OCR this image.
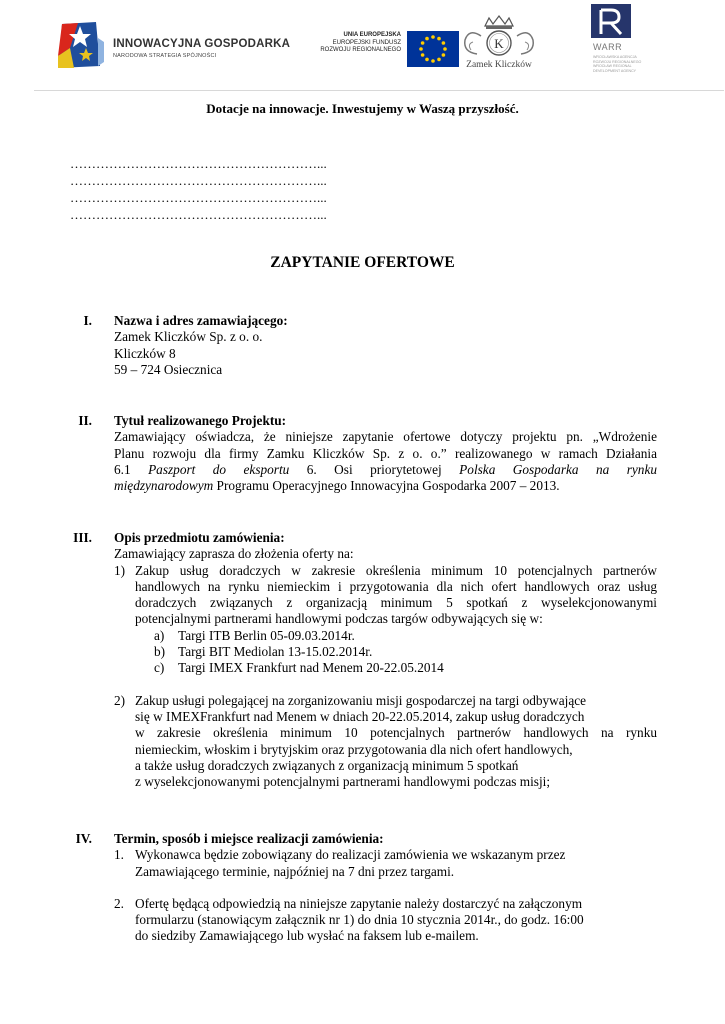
INNOWACYJNA GOSPODARKA
NARODOWA STRATEGIA SPÓJNOŚCI
UNIA EUROPEJSKA
EUROPEJSKI FUNDUSZ
ROZWOJU REGIONALNEGO	K
Zamek Kliczków
WARR
WROCŁAWSKA AGENCJA ROZWOJU REGIONALNEGO WROCŁAW REGIONAL DEVELOPMENT AGENCY
Dotacje na innowacje. Inwestujemy w Waszą przyszłość.
…………………………………………………...
…………………………………………………...
…………………………………………………...
…………………………………………………...
ZAPYTANIE OFERTOWE
I. Nazwa i adres zamawiającego:
Zamek Kliczków Sp. z o. o.
Kliczków 8
59 – 724 Osiecznica
II. Tytuł realizowanego Projektu:
Zamawiający oświadcza, że niniejsze zapytanie ofertowe dotyczy projektu pn. „Wdrożenie
Planu rozwoju dla firmy Zamku Kliczków Sp. z o. o.” realizowanego w ramach Działania
6.1 Paszport do eksportu 6. Osi priorytetowej Polska Gospodarka na rynku
międzynarodowym Programu Operacyjnego Innowacyjna Gospodarka 2007 – 2013.
III. Opis przedmiotu zamówienia:
Zamawiający zaprasza do złożenia oferty na:
1) Zakup usług doradczych w zakresie określenia minimum 10 potencjalnych partnerów
handlowych na rynku niemieckim i przygotowania dla nich ofert handlowych oraz usług
doradczych związanych z organizacją minimum 5 spotkań z wyselekcjonowanymi
potencjalnymi partnerami handlowymi podczas targów odbywających się w:
a) Targi ITB Berlin 05-09.03.2014r.
b) Targi BIT Mediolan 13-15.02.2014r.
c) Targi IMEX Frankfurt nad Menem 20-22.05.2014
2) Zakup usługi polegającej na zorganizowaniu misji gospodarczej na targi odbywające
się w IMEXFrankfurt nad Menem w dniach 20-22.05.2014, zakup usług doradczych
w zakresie określenia minimum 10 potencjalnych partnerów handlowych na rynku
niemieckim, włoskim i brytyjskim oraz przygotowania dla nich ofert handlowych,
a także usług doradczych związanych z organizacją minimum 5 spotkań
z wyselekcjonowanymi potencjalnymi partnerami handlowymi podczas misji;
IV. Termin, sposób i miejsce realizacji zamówienia:
1. Wykonawca będzie zobowiązany do realizacji zamówienia we wskazanym przez
Zamawiającego terminie, najpóźniej na 7 dni przez targami.
2. Ofertę będącą odpowiedzią na niniejsze zapytanie należy dostarczyć na załączonym
formularzu (stanowiącym załącznik nr 1) do dnia 10 stycznia 2014r., do godz. 16:00
do siedziby Zamawiającego lub wysłać na faksem lub e-mailem.
